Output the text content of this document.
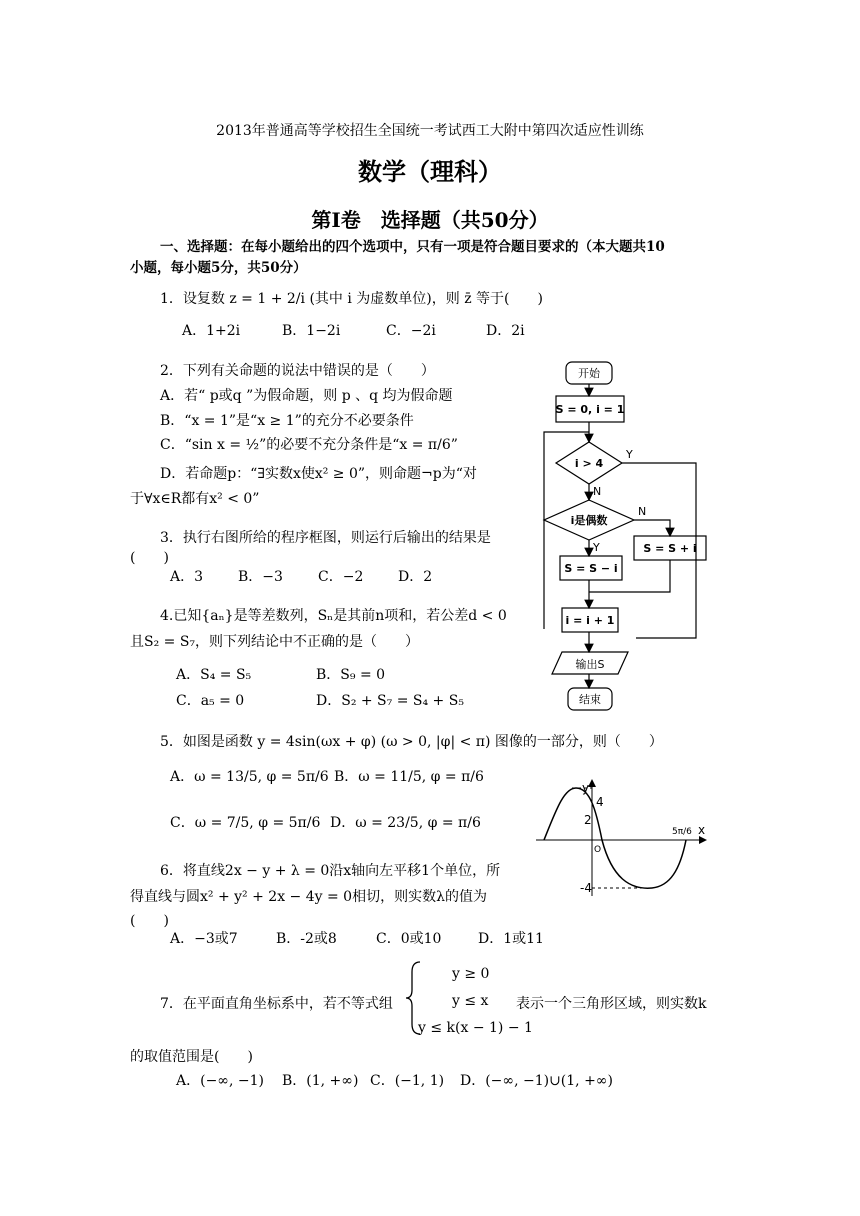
2013年普通高等学校招生全国统一考试西工大附中第四次适应性训练
数学（理科）
第Ⅰ卷　选择题（共50分）
一、选择题：在每小题给出的四个选项中，只有一项是符合题目要求的（本大题共10
小题，每小题5分，共50分）
1．设复数 z = 1 + 2/i (其中 i 为虚数单位)，则 z̄ 等于(　　)
A．1+2i	B．1−2i	C．−2i	D．2i
2．下列有关命题的说法中错误的是（　　）
A．若“ p或q ”为假命题，则 p 、q 均为假命题
B．“x = 1”是“x ≥ 1”的充分不必要条件
C．“sin x = ½”的必要不充分条件是“x = π/6”
D．若命题p：“∃实数x使x² ≥ 0”，则命题¬p为“对
于∀x∈R都有x² < 0”
3．执行右图所给的程序框图，则运行后输出的结果是
(　　)
A．3 B．−3	C．−2 D．2
4.已知{aₙ}是等差数列，Sₙ是其前n项和，若公差d < 0
且S₂ = S₇，则下列结论中不正确的是（　　）
A．S₄ = S₅	B．S₉ = 0
C．a₅ = 0	D．S₂ + S₇ = S₄ + S₅
5．如图是函数 y = 4sin(ωx + φ) (ω > 0, |φ| < π) 图像的一部分，则（　　）
A．ω = 13/5, φ = 5π/6 B．ω = 11/5, φ = π/6
C．ω = 7/5, φ = 5π/6 D．ω = 23/5, φ = π/6
6．将直线2x − y + λ = 0沿x轴向左平移1个单位，所
得直线与圆x² + y² + 2x − 4y = 0相切，则实数λ的值为
(　　)
A．−3或7	B．-2或8	C．0或10	D．1或11
y ≥ 0
y ≤ x
y ≤ k(x − 1) − 1
7．在平面直角坐标系中，若不等式组	表示一个三角形区域，则实数k
的取值范围是(　　)
A．(−∞, −1) B．(1, +∞) C．(−1, 1) D．(−∞, −1)∪(1, +∞)
开始
S = 0, i = 1
i > 4
Y
N
i是偶数
N
Y
S = S − i
S = S + i
i = i + 1
输出S
结束
y
x
4
2
O
-4
5π/6
